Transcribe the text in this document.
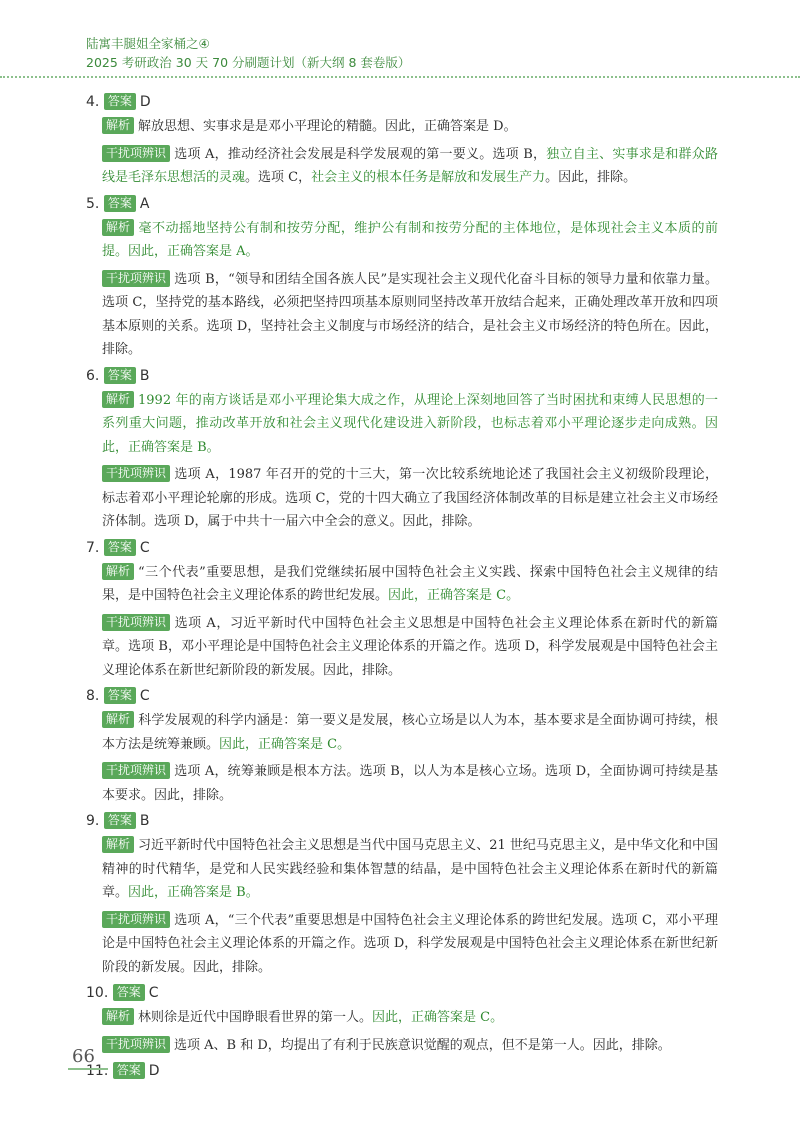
陆寓丰腿姐全家桶之④
2025 考研政治 30 天 70 分刷题计划（新大纲 8 套卷版）
4. 答案 D
解析 解放思想、实事求是是邓小平理论的精髓。因此，正确答案是 D。
干扰项辨识 选项 A，推动经济社会发展是科学发展观的第一要义。选项 B，独立自主、实事求是和群众路线是毛泽东思想活的灵魂。选项 C，社会主义的根本任务是解放和发展生产力。因此，排除。
5. 答案 A
解析 毫不动摇地坚持公有制和按劳分配，维护公有制和按劳分配的主体地位，是体现社会主义本质的前提。因此，正确答案是 A。
干扰项辨识 选项 B，“领导和团结全国各族人民”是实现社会主义现代化奋斗目标的领导力量和依靠力量。选项 C，坚持党的基本路线，必须把坚持四项基本原则同坚持改革开放结合起来，正确处理改革开放和四项基本原则的关系。选项 D，坚持社会主义制度与市场经济的结合，是社会主义市场经济的特色所在。因此，排除。
6. 答案 B
解析 1992 年的南方谈话是邓小平理论集大成之作，从理论上深刻地回答了当时困扰和束缚人民思想的一系列重大问题，推动改革开放和社会主义现代化建设进入新阶段，也标志着邓小平理论逐步走向成熟。因此，正确答案是 B。
干扰项辨识 选项 A，1987 年召开的党的十三大，第一次比较系统地论述了我国社会主义初级阶段理论，标志着邓小平理论轮廓的形成。选项 C，党的十四大确立了我国经济体制改革的目标是建立社会主义市场经济体制。选项 D，属于中共十一届六中全会的意义。因此，排除。
7. 答案 C
解析 “三个代表”重要思想，是我们党继续拓展中国特色社会主义实践、探索中国特色社会主义规律的结果，是中国特色社会主义理论体系的跨世纪发展。因此，正确答案是 C。
干扰项辨识 选项 A，习近平新时代中国特色社会主义思想是中国特色社会主义理论体系在新时代的新篇章。选项 B，邓小平理论是中国特色社会主义理论体系的开篇之作。选项 D，科学发展观是中国特色社会主义理论体系在新世纪新阶段的新发展。因此，排除。
8. 答案 C
解析 科学发展观的科学内涵是：第一要义是发展，核心立场是以人为本，基本要求是全面协调可持续，根本方法是统筹兼顾。因此，正确答案是 C。
干扰项辨识 选项 A，统筹兼顾是根本方法。选项 B，以人为本是核心立场。选项 D，全面协调可持续是基本要求。因此，排除。
9. 答案 B
解析 习近平新时代中国特色社会主义思想是当代中国马克思主义、21 世纪马克思主义，是中华文化和中国精神的时代精华，是党和人民实践经验和集体智慧的结晶，是中国特色社会主义理论体系在新时代的新篇章。因此，正确答案是 B。
干扰项辨识 选项 A，“三个代表”重要思想是中国特色社会主义理论体系的跨世纪发展。选项 C，邓小平理论是中国特色社会主义理论体系的开篇之作。选项 D，科学发展观是中国特色社会主义理论体系在新世纪新阶段的新发展。因此，排除。
10. 答案 C
解析 林则徐是近代中国睁眼看世界的第一人。因此，正确答案是 C。
干扰项辨识 选项 A、B 和 D，均提出了有利于民族意识觉醒的观点，但不是第一人。因此，排除。
11. 答案 D
66
